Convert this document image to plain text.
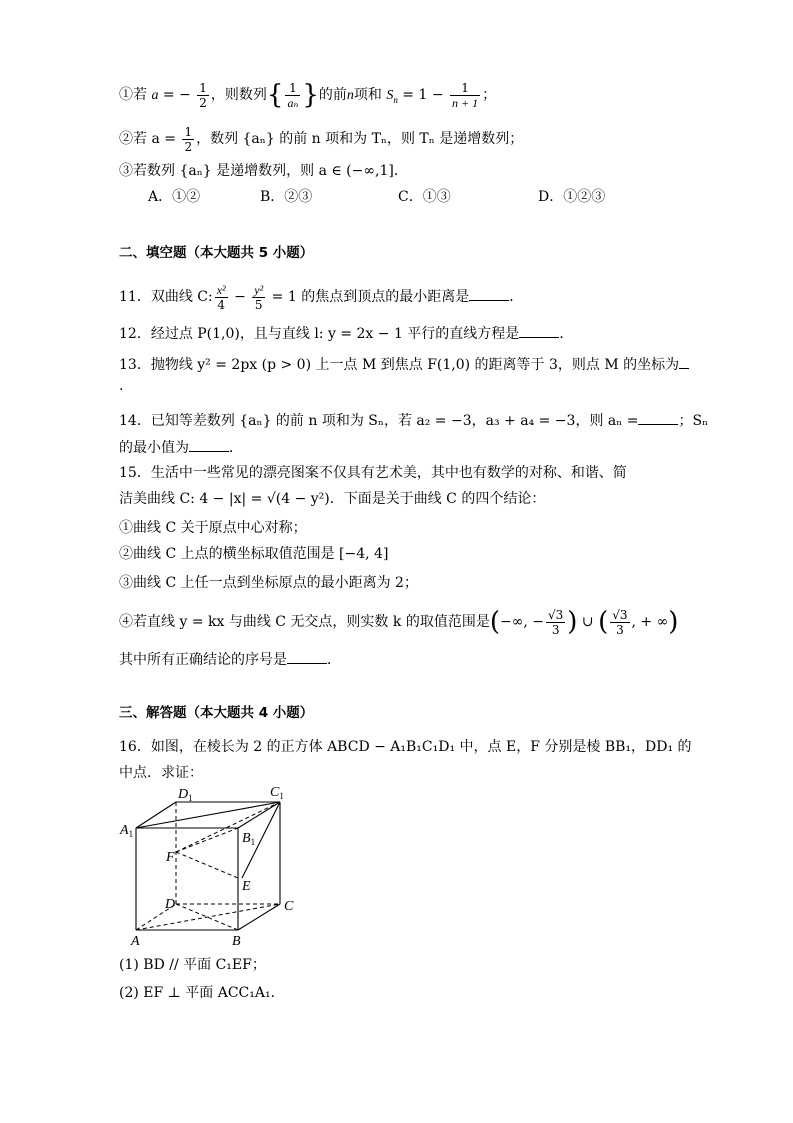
①若 a = − $\frac{1}{2}$ ，则数列{ $\frac{1}{\text{aₙ}}$ }的前n项和 $S_n = 1 - \frac{1}{n + 1}$ ；
②若 $a = \frac{1}{2}$ ，数列 {aₙ} 的前 n 项和为 Tₙ，则 Tₙ 是递增数列；
③若数列 {aₙ} 是递增数列，则 a ∈ (−∞,1]．
A．①②	B．②③	C．①③	D．①②③
二、填空题（本大题共 5 小题）
11．双曲线 C: $\frac{\text{x²}}{4} - \frac{\text{y²}}{5} = 1$ 的焦点到顶点的最小距离是	．
12．经过点 P(1,0)，且与直线 l: y = 2x − 1 平行的直线方程是	．
13．抛物线 y² = 2px (p > 0) 上一点 M 到焦点 F(1,0) 的距离等于 3，则点 M 的坐标为
.
14．已知等差数列 {aₙ} 的前 n 项和为 Sₙ，若 a₂ = −3，a₃ + a₄ = −3，则 aₙ =	；Sₙ
的最小值为	．
15．生活中一些常见的漂亮图案不仅具有艺术美，其中也有数学的对称、和谐、简
洁美曲线 C: 4 − |x| = √(4 − y²)．下面是关于曲线 C 的四个结论：
①曲线 C 关于原点中心对称；
②曲线 C 上点的横坐标取值范围是 [−4, 4]
③曲线 C 上任一点到坐标原点的最小距离为 2；
④若直线 y = kx 与曲线 C 无交点，则实数 k 的取值范围是(−∞, − $\frac{√3}{3}$ ) ∪ ( $\frac{√3}{3}$ , + ∞)
其中所有正确结论的序号是	．
三、解答题（本大题共 4 小题）
16．如图，在棱长为 2 的正方体 ABCD − A₁B₁C₁D₁ 中，点 E，F 分别是棱 BB₁，DD₁ 的
中点．求证：
$D_1$	$C_1$
$A_1$	$B_1$
F
E
D	C
A	B
(1) BD // 平面 C₁EF；
(2) EF ⊥ 平面 ACC₁A₁．
